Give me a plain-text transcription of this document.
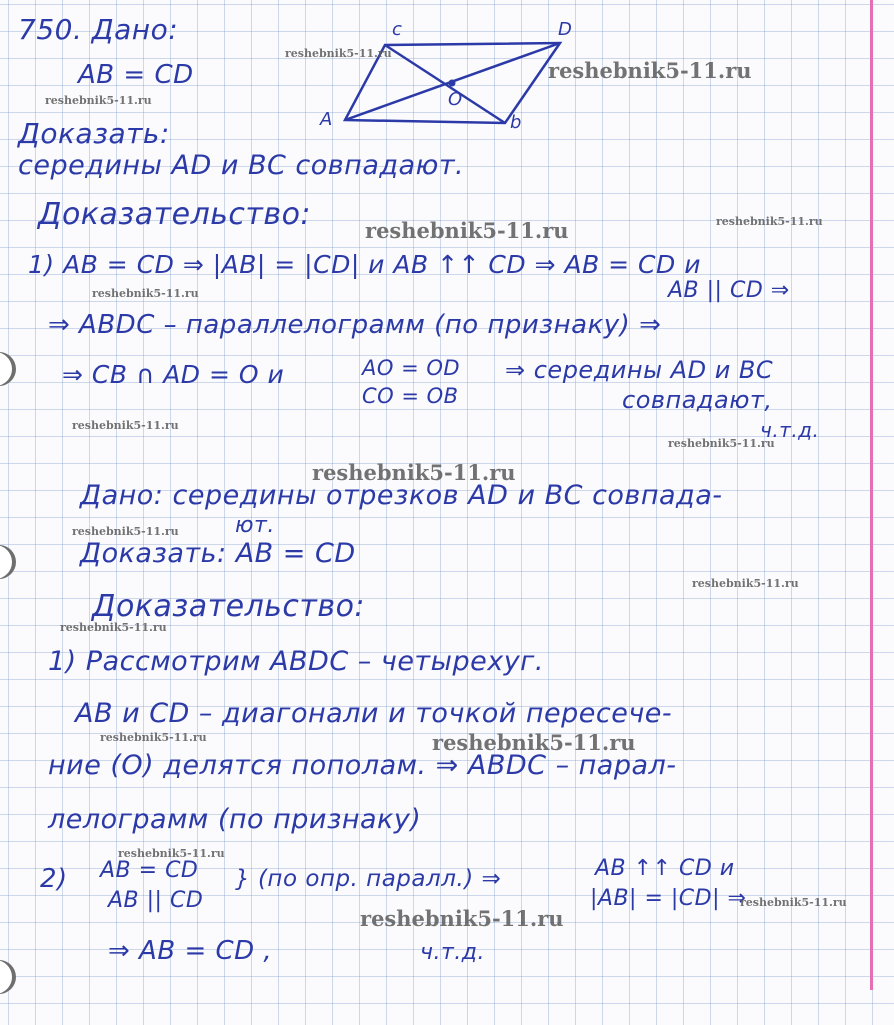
c	D
A	b
O

750. Дано:

AB = CD

Доказать:

середины AD и BC совпадают.

Доказательство:

1) AB = CD ⇒ |AB| = |CD| и AB ↑↑ CD ⇒ AB = CD и

AB || CD ⇒

⇒ ABDC – параллелограмм (по признаку) ⇒

⇒ CB ∩ AD = O и	AO = OD

CO = OB

⇒ середины AD и BC

совпадают,

ч.т.д.

Дано: середины отрезков AD и BC совпада-

ют.

Доказать: AB = CD

Доказательство:

1) Рассмотрим ABDC – четырехуг.

AB и CD – диагонали и точкой пересече-

ние (O) делятся пополам. ⇒ ABDC – парал-

лелограмм (по признаку)

2) AB = CD

AB || CD

} (по опр. паралл.) ⇒	AB ↑↑ CD и

|AB| = |CD| ⇒

⇒ AB = CD ,	ч.т.д.

reshebnik5-11.ru

reshebnik5-11.ru

reshebnik5-11.ru

reshebnik5-11.ru	reshebnik5-11.ru

reshebnik5-11.ru

reshebnik5-11.ru

reshebnik5-11.ru

reshebnik5-11.ru

reshebnik5-11.ru

reshebnik5-11.ru

reshebnik5-11.ru

reshebnik5-11.ru	reshebnik5-11.ru

reshebnik5-11.ru

reshebnik5-11.ru

reshebnik5-11.ru
